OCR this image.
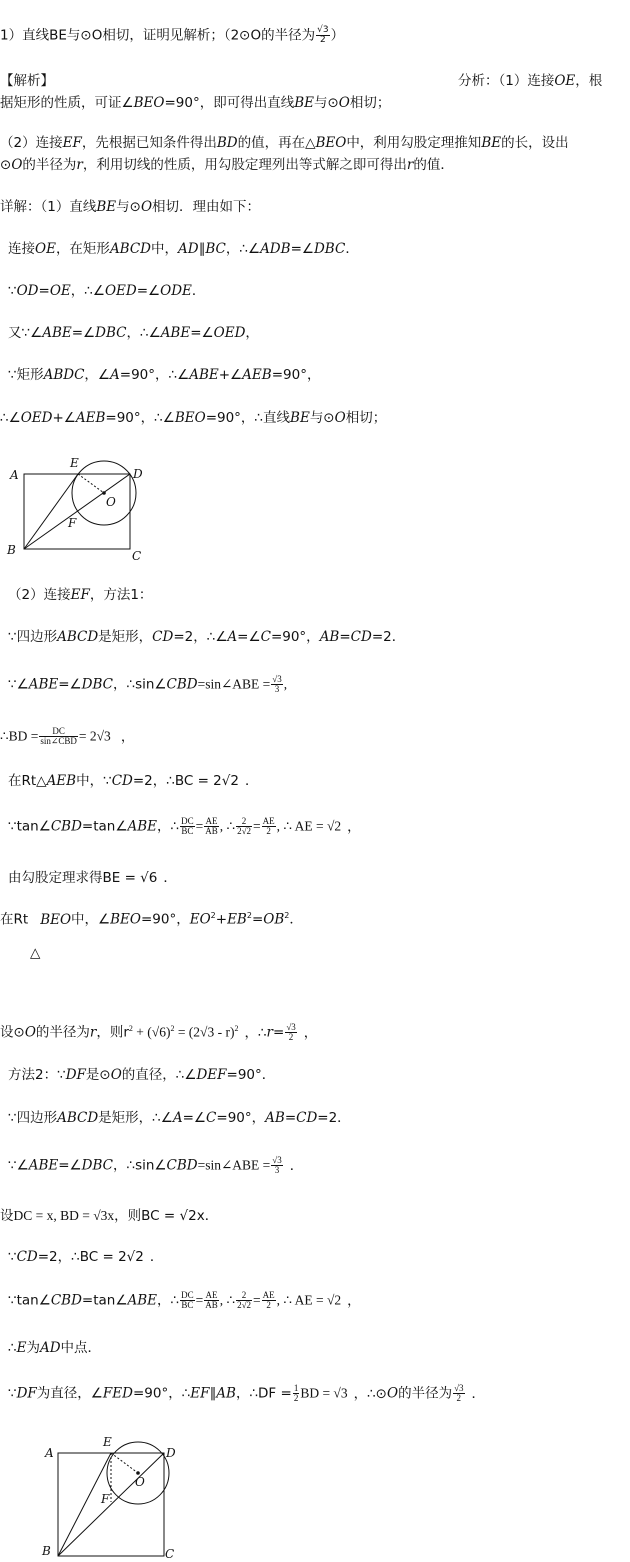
1）直线BE与⊙O相切，证明见解析；（2⊙O的半径为 $\frac{√3}{2}$ ）
【解析】	分析：（1）连接OE，根
据矩形的性质，可证∠BEO=90°，即可得出直线BE与⊙O相切；
（2）连接EF，先根据已知条件得出BD的值，再在△BEO中，利用勾股定理推知BE的长，设出
⊙O的半径为r，利用切线的性质，用勾股定理列出等式解之即可得出r的值．
详解：（1）直线BE与⊙O相切．理由如下：
连接OE，在矩形ABCD中，AD∥BC，∴∠ADB=∠DBC．
∵OD=OE，∴∠OED=∠ODE．
又∵∠ABE=∠DBC，∴∠ABE=∠OED，
∵矩形ABDC，∠A=90°，∴∠ABE+∠AEB=90°，
∴∠OED+∠AEB=90°，∴∠BEO=90°，∴直线BE与⊙O相切；
A
B	C
D
E
F
O
（2）连接EF，方法1：
∵四边形ABCD是矩形，CD=2，∴∠A=∠C=90°，AB=CD=2．
∵∠ABE=∠DBC，∴sin∠CBD=sin∠ABE = $\frac{√3}{3}$ ,
∴BD =	DC
sin∠CBD = 2√3 ，
在Rt△AEB中，∵CD=2，∴BC = 2√2 ．
∵tan∠CBD=tan∠ABE，∴ $\frac{DC}{BC} = \frac{AE}{AB}$ , ∴ $\frac{2}{2√2} = \frac{AE}{2}$ , ∴ AE = √2 ，
由勾股定理求得BE = √6 ．
在Rt BEO中，∠BEO=90°，$EO^2+EB^2=OB^2$．
△
设⊙O的半径为r，则$r^2 + (√6)^2 = (2√3 - r)^2$ ，∴r= $\frac{√3}{2}$ ，
方法2：∵DF是⊙O的直径，∴∠DEF=90°．
∵四边形ABCD是矩形，∴∠A=∠C=90°，AB=CD=2．
∵∠ABE=∠DBC，∴sin∠CBD=sin∠ABE = $\frac{√3}{3}$ ．
设DC = x, BD = √3x，则BC = √2x．
∵CD=2，∴BC = 2√2 ．
∵tan∠CBD=tan∠ABE，∴ $\frac{DC}{BC} = \frac{AE}{AB}$ , ∴ $\frac{2}{2√2} = \frac{AE}{2}$ , ∴ AE = √2 ，
∴E为AD中点．
∵DF为直径，∠FED=90°，∴EF∥AB，∴DF = $\frac{1}{2}$ BD = √3 ，∴⊙O的半径为 $\frac{√3}{2}$ ．
A
B	C
D
E
F
O
